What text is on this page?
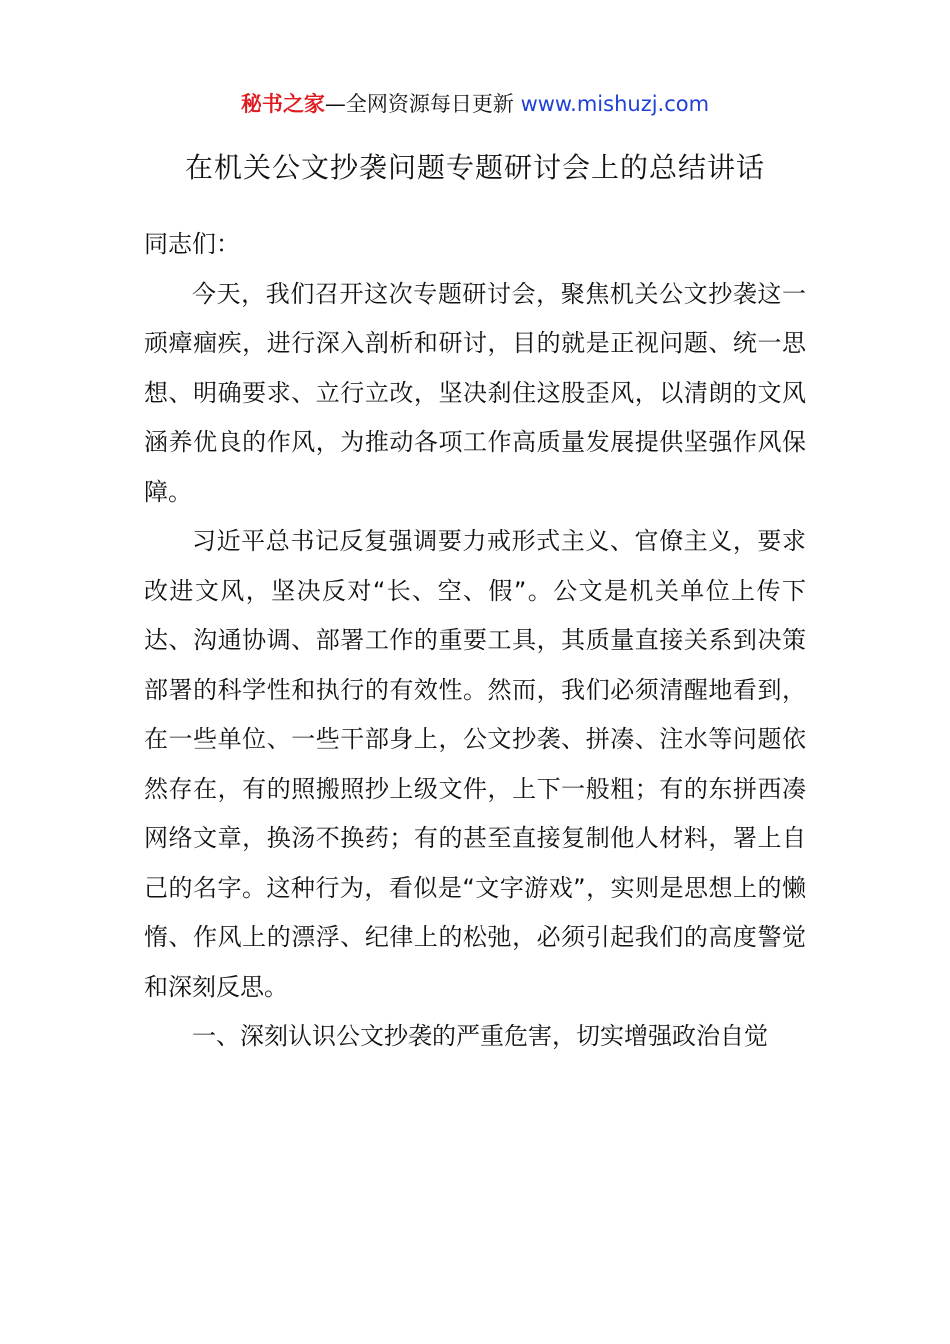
秘书之家—全网资源每日更新 www.mishuzj.com
在机关公文抄袭问题专题研讨会上的总结讲话

同志们：

今天，我们召开这次专题研讨会，聚焦机关公文抄袭这一顽瘴痼疾，进行深入剖析和研讨，目的就是正视问题、统一思想、明确要求、立行立改，坚决刹住这股歪风，以清朗的文风涵养优良的作风，为推动各项工作高质量发展提供坚强作风保障。

习近平总书记反复强调要力戒形式主义、官僚主义，要求改进文风，坚决反对“长、空、假”。公文是机关单位上传下达、沟通协调、部署工作的重要工具，其质量直接关系到决策部署的科学性和执行的有效性。然而，我们必须清醒地看到，在一些单位、一些干部身上，公文抄袭、拼凑、注水等问题依然存在，有的照搬照抄上级文件，上下一般粗；有的东拼西凑网络文章，换汤不换药；有的甚至直接复制他人材料，署上自己的名字。这种行为，看似是“文字游戏”，实则是思想上的懒惰、作风上的漂浮、纪律上的松弛，必须引起我们的高度警觉和深刻反思。

一、深刻认识公文抄袭的严重危害，切实增强政治自觉
